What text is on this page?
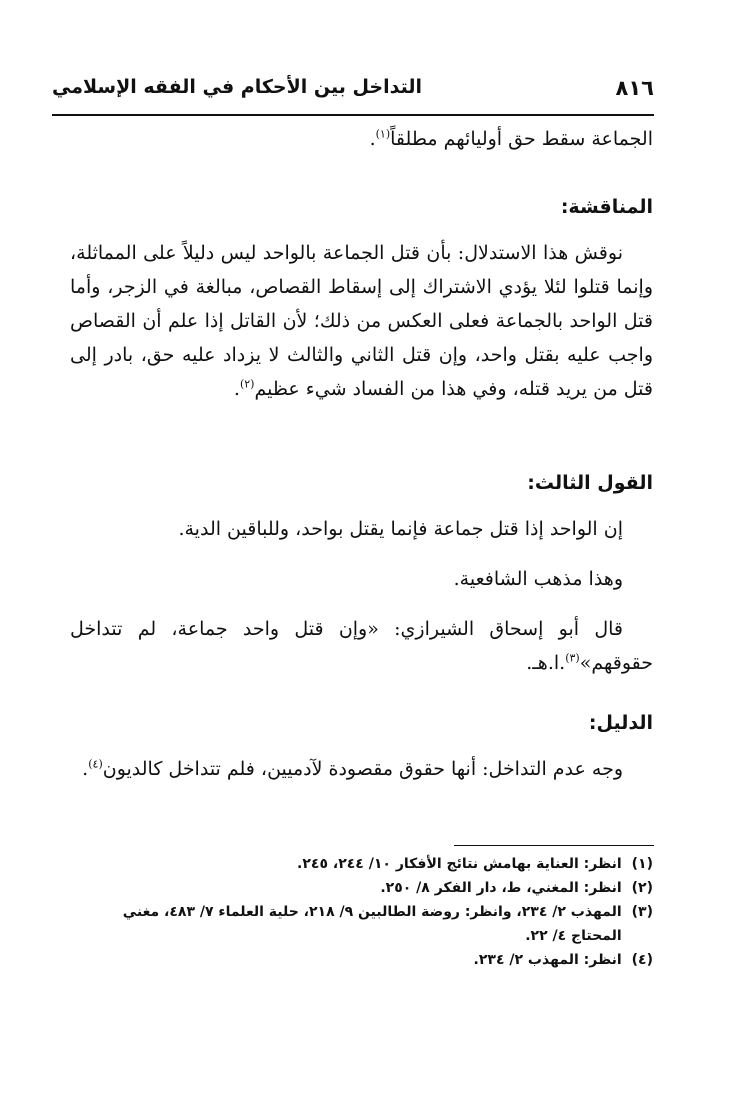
٨١٦
التداخل بين الأحكام في الفقه الإسلامي

الجماعة سقط حق أوليائهم مطلقاً$^{(١)}$.

المناقشة:

نوقش هذا الاستدلال: بأن قتل الجماعة بالواحد ليس دليلاً على المماثلة، وإنما قتلوا لئلا يؤدي الاشتراك إلى إسقاط القصاص، مبالغة في الزجر، وأما قتل الواحد بالجماعة فعلى العكس من ذلك؛ لأن القاتل إذا علم أن القصاص واجب عليه بقتل واحد، وإن قتل الثاني والثالث لا يزداد عليه حق، بادر إلى قتل من يريد قتله، وفي هذا من الفساد شيء عظيم$^{(٢)}$.

القول الثالث:

إن الواحد إذا قتل جماعة فإنما يقتل بواحد، وللباقين الدية.

وهذا مذهب الشافعية.

قال أبو إسحاق الشيرازي: «وإن قتل واحد جماعة، لم تتداخل حقوقهم»$^{(٣)}$.ا.هـ.

الدليل:

وجه عدم التداخل: أنها حقوق مقصودة لآدميين، فلم تتداخل كالديون$^{(٤)}$.

(١)
انظر: العناية بهامش نتائج الأفكار ١٠/ ٢٤٤، ٢٤٥.

(٢)
انظر: المغني، ط، دار الفكر ٨/ ٢٥٠.

(٣)
المهذب ٢/ ٢٣٤، وانظر: روضة الطالبين ٩/ ٢١٨، حلية العلماء ٧/ ٤٨٣، مغني المحتاج ٤/ ٢٢.

(٤)
انظر: المهذب ٢/ ٢٣٤.
